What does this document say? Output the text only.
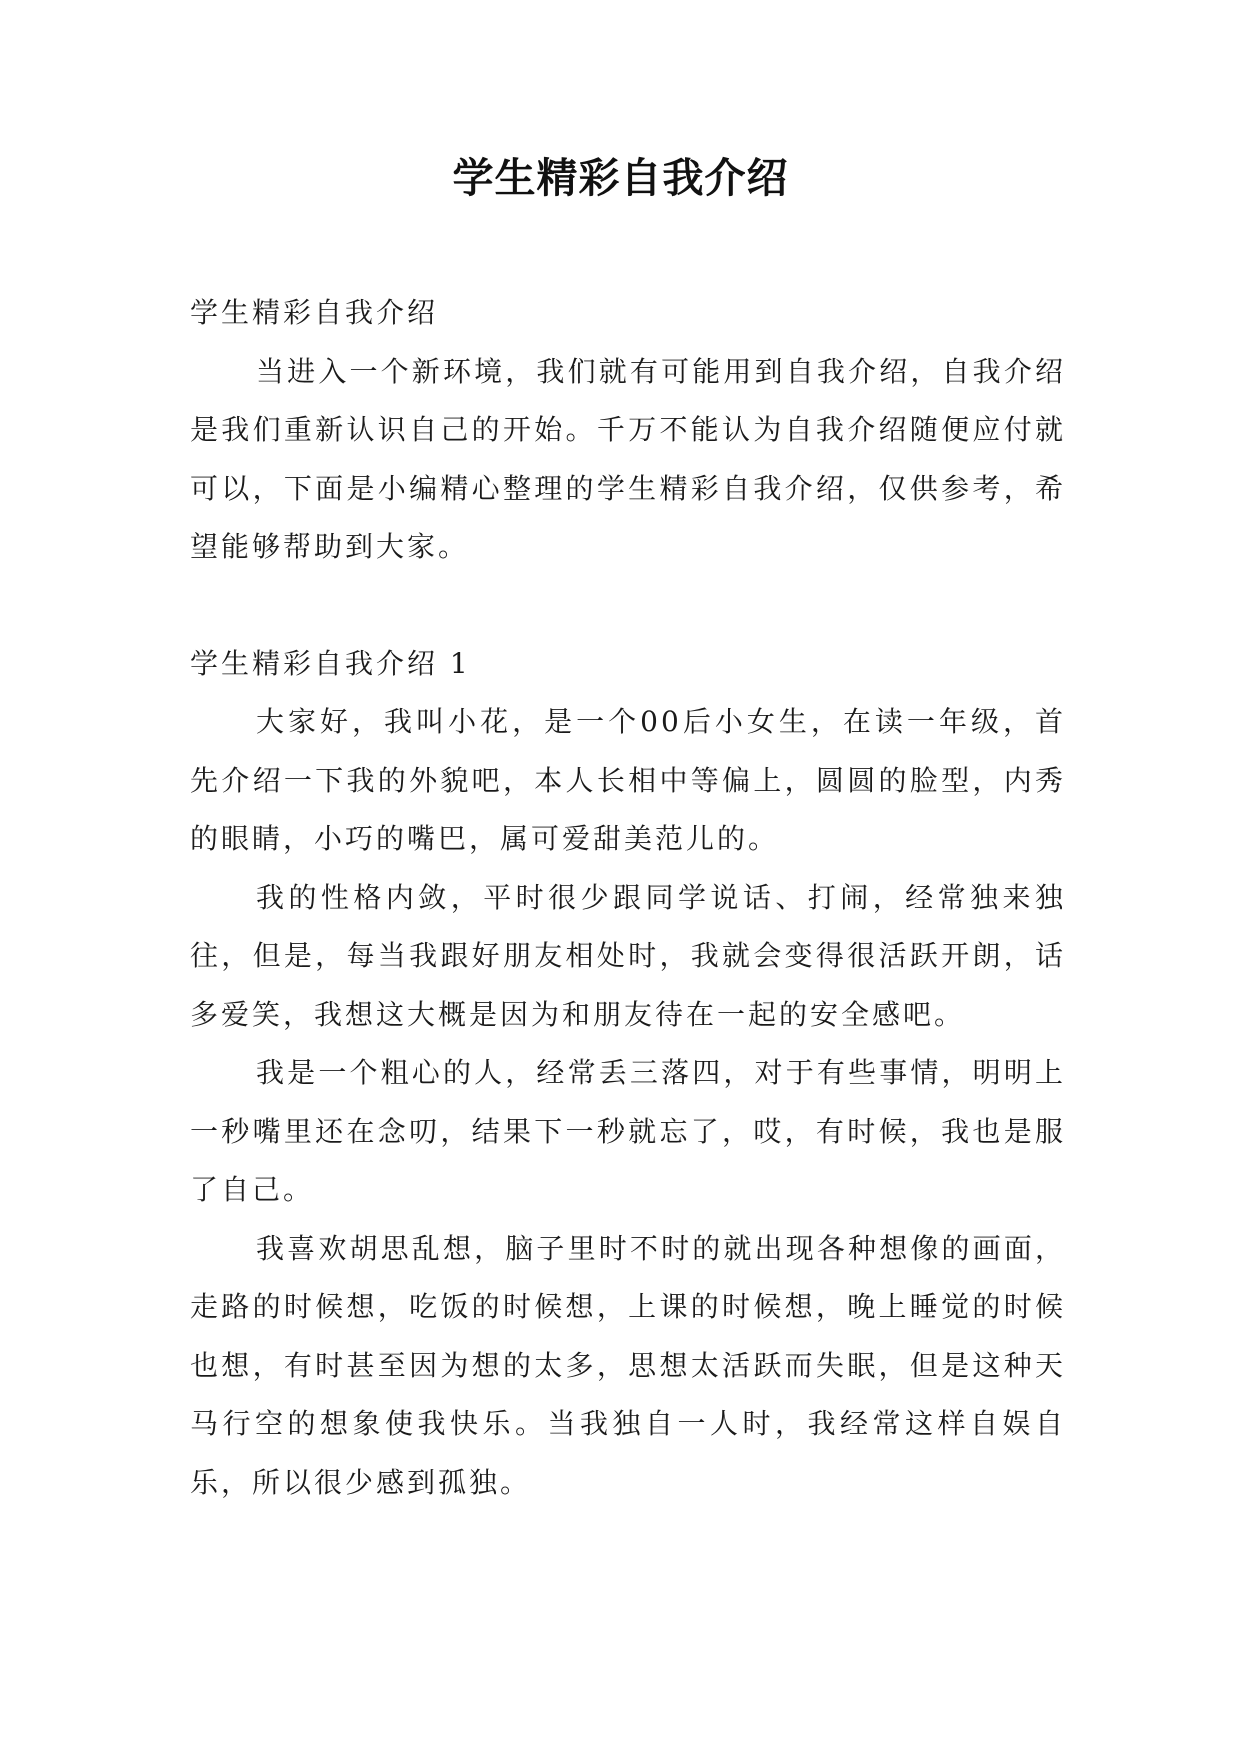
学生精彩自我介绍

学生精彩自我介绍

当进入一个新环境，我们就有可能用到自我介绍，自我介绍是我们重新认识自己的开始。千万不能认为自我介绍随便应付就可以，下面是小编精心整理的学生精彩自我介绍，仅供参考，希望能够帮助到大家。

学生精彩自我介绍 1

大家好，我叫小花，是一个00后小女生，在读一年级，首先介绍一下我的外貌吧，本人长相中等偏上，圆圆的脸型，内秀的眼睛，小巧的嘴巴，属可爱甜美范儿的。

我的性格内敛，平时很少跟同学说话、打闹，经常独来独往，但是，每当我跟好朋友相处时，我就会变得很活跃开朗，话多爱笑，我想这大概是因为和朋友待在一起的安全感吧。

我是一个粗心的人，经常丢三落四，对于有些事情，明明上一秒嘴里还在念叨，结果下一秒就忘了，哎，有时候，我也是服了自己。

我喜欢胡思乱想，脑子里时不时的就出现各种想像的画面，走路的时候想，吃饭的时候想，上课的时候想，晚上睡觉的时候也想，有时甚至因为想的太多，思想太活跃而失眠，但是这种天马行空的想象使我快乐。当我独自一人时，我经常这样自娱自乐，所以很少感到孤独。
